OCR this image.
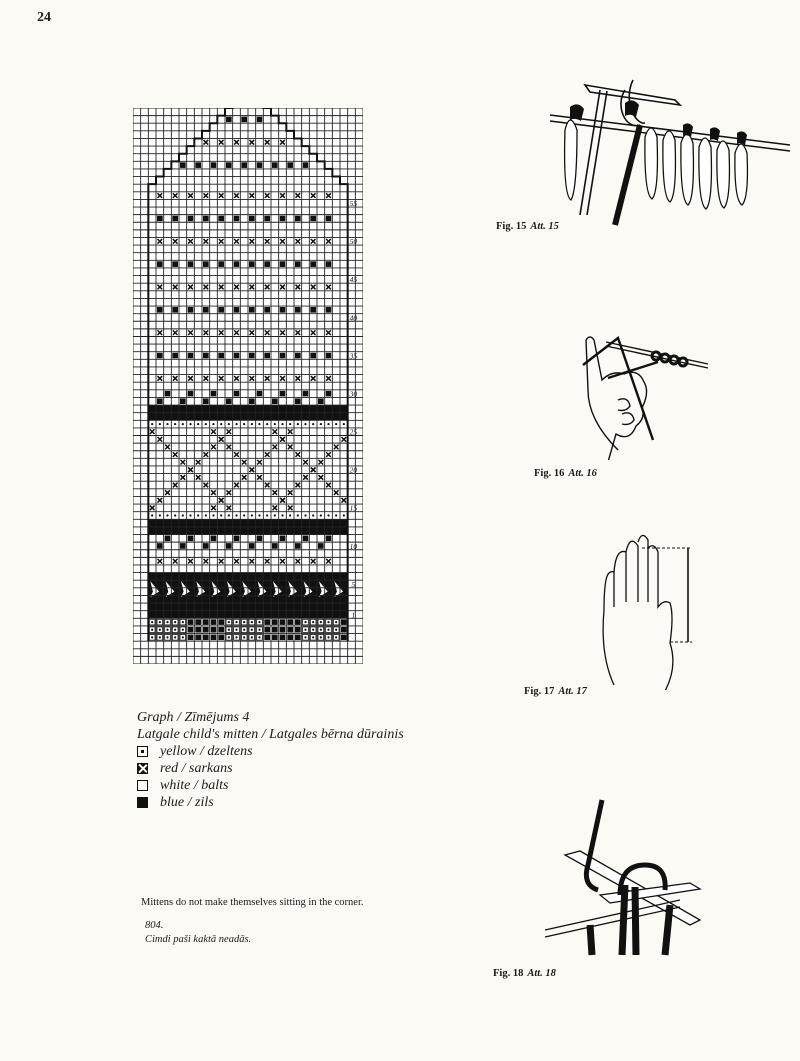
24
1
5
10
15
20
25
30
35
40
45
50
55
Graph / Zīmējums 4
Latgale child's mitten / Latgales bērna dūrainis
yellow / dzeltens
red / sarkans
white / balts
blue / zils
Mittens do not make themselves sitting in the corner.
804.
Cimdi paši kaktā neadās.
Fig. 15 Att. 15
Fig. 16 Att. 16
Fig. 17 Att. 17
Fig. 18 Att. 18
